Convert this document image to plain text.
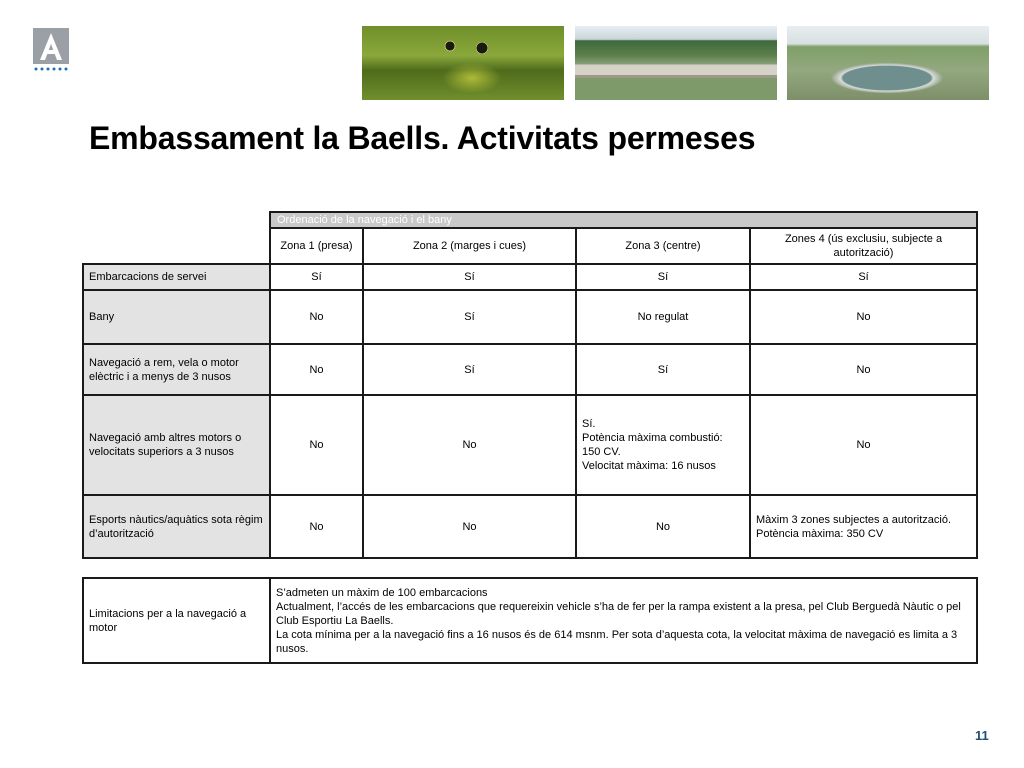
Embassament la Baells. Activitats permeses
	Ordenació de la navegació i el bany			
	Zona 1 (presa)	Zona 2 (marges i cues)	Zona 3 (centre)	Zones 4 (ús exclusiu, subjecte a autorització)
Embarcacions de servei	Sí	Sí	Sí	Sí
Bany	No	Sí	No regulat	No
Navegació a rem, vela o motor elèctric i a menys de 3 nusos	No	Sí	Sí	No
Navegació amb altres motors o velocitats superiors a 3 nusos	No	No	Sí.
Potència màxima combustió: 150 CV.
Velocitat màxima: 16 nusos	No
Esports nàutics/aquàtics sota règim d’autorització	No	No	No	Màxim 3 zones subjectes a autorització.
Potència màxima: 350 CV
Limitacions per a la navegació a motor	
S’admeten un màxim de 100 embarcacions
Actualment, l’accés de les embarcacions que requereixin vehicle s’ha de fer per la rampa existent a la presa, pel Club Berguedà Nàutic o pel Club Esportiu La Baells.
La cota mínima per a la navegació fins a 16 nusos és de 614 msnm. Per sota d’aquesta cota, la velocitat màxima de navegació es limita a 3 nusos.
11
